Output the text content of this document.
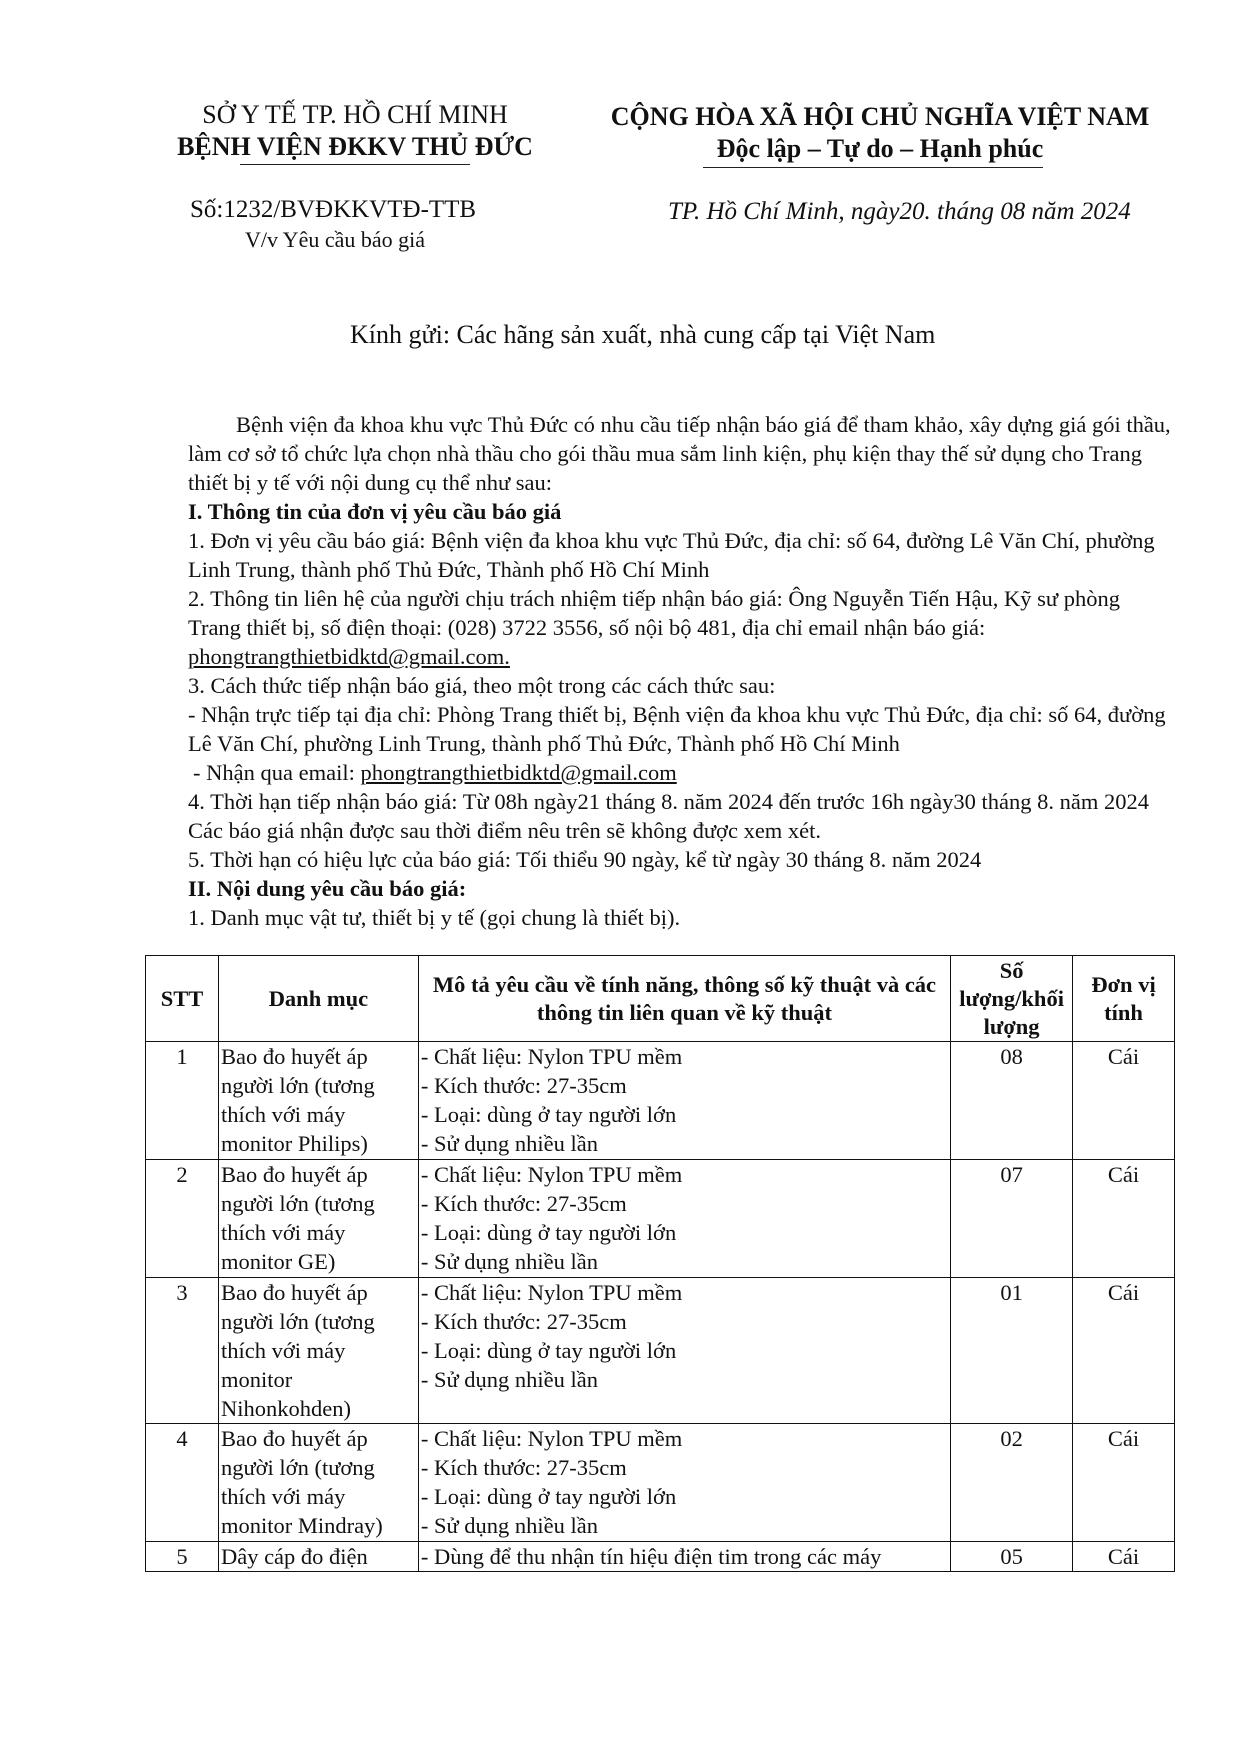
SỞ Y TẾ TP. HỒ CHÍ MINH
BỆNH VIỆN ĐKKV THỦ ĐỨC
CỘNG HÒA XÃ HỘI CHỦ NGHĨA VIỆT NAM
Độc lập – Tự do – Hạnh phúc
Số:1232/BVĐKKVTĐ-TTB
V/v Yêu cầu báo giá
TP. Hồ Chí Minh, ngày20. tháng 08 năm 2024
Kính gửi: Các hãng sản xuất, nhà cung cấp tại Việt Nam

Bệnh viện đa khoa khu vực Thủ Đức có nhu cầu tiếp nhận báo giá để tham khảo, xây dựng giá gói thầu, làm cơ sở tổ chức lựa chọn nhà thầu cho gói thầu mua sắm linh kiện, phụ kiện thay thế sử dụng cho Trang thiết bị y tế với nội dung cụ thể như sau:

I. Thông tin của đơn vị yêu cầu báo giá

1. Đơn vị yêu cầu báo giá: Bệnh viện đa khoa khu vực Thủ Đức, địa chỉ: số 64, đường Lê Văn Chí, phường Linh Trung, thành phố Thủ Đức, Thành phố Hồ Chí Minh

2. Thông tin liên hệ của người chịu trách nhiệm tiếp nhận báo giá: Ông Nguyễn Tiến Hậu, Kỹ sư phòng Trang thiết bị, số điện thoại: (028) 3722 3556, số nội bộ 481, địa chỉ email nhận báo giá: phongtrangthietbidktd@gmail.com.

3. Cách thức tiếp nhận báo giá, theo một trong các cách thức sau:

- Nhận trực tiếp tại địa chỉ: Phòng Trang thiết bị, Bệnh viện đa khoa khu vực Thủ Đức, địa chỉ: số 64, đường Lê Văn Chí, phường Linh Trung, thành phố Thủ Đức, Thành phố Hồ Chí Minh

- Nhận qua email: phongtrangthietbidktd@gmail.com

4. Thời hạn tiếp nhận báo giá: Từ 08h ngày21 tháng 8. năm 2024 đến trước 16h ngày30 tháng 8. năm 2024

Các báo giá nhận được sau thời điểm nêu trên sẽ không được xem xét.

5. Thời hạn có hiệu lực của báo giá: Tối thiểu 90 ngày, kể từ ngày 30 tháng 8. năm 2024

II. Nội dung yêu cầu báo giá:

1. Danh mục vật tư, thiết bị y tế (gọi chung là thiết bị).

STT	Danh mục	Mô tả yêu cầu về tính năng, thông số kỹ thuật và các thông tin liên quan về kỹ thuật	Số lượng/khối lượng	Đơn vị tính
1	Bao đo huyết áp
người lớn (tương
thích với máy
monitor Philips)	- Chất liệu: Nylon TPU mềm
- Kích thước: 27-35cm
- Loại: dùng ở tay người lớn
- Sử dụng nhiều lần	08	Cái
2	Bao đo huyết áp
người lớn (tương
thích với máy
monitor GE)	- Chất liệu: Nylon TPU mềm
- Kích thước: 27-35cm
- Loại: dùng ở tay người lớn
- Sử dụng nhiều lần	07	Cái
3	Bao đo huyết áp
người lớn (tương
thích với máy
monitor
Nihonkohden)	- Chất liệu: Nylon TPU mềm
- Kích thước: 27-35cm
- Loại: dùng ở tay người lớn
- Sử dụng nhiều lần	01	Cái
4	Bao đo huyết áp
người lớn (tương
thích với máy
monitor Mindray)	- Chất liệu: Nylon TPU mềm
- Kích thước: 27-35cm
- Loại: dùng ở tay người lớn
- Sử dụng nhiều lần	02	Cái
5	Dây cáp đo điện	- Dùng để thu nhận tín hiệu điện tim trong các máy	05	Cái
